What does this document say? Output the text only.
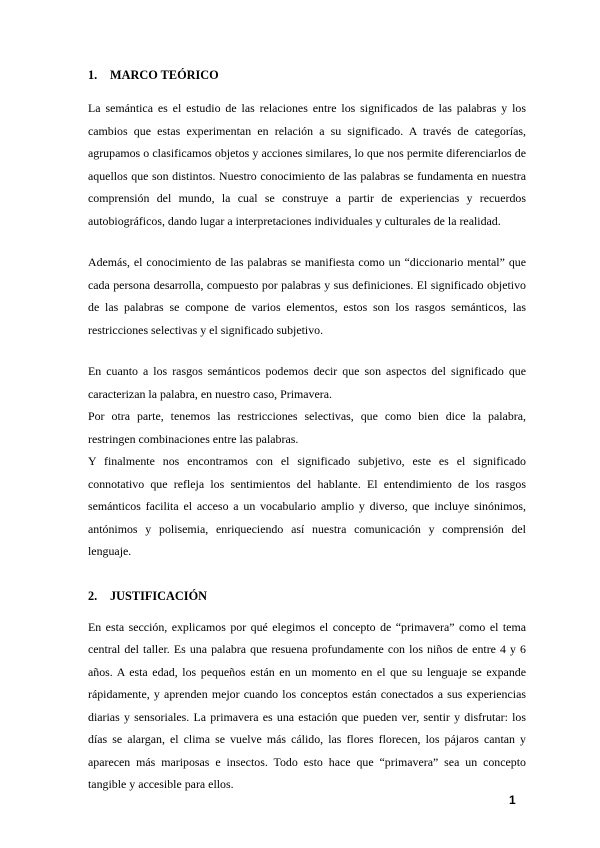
1. MARCO TEÓRICO

La semántica es el estudio de las relaciones entre los significados de las palabras y los cambios que estas experimentan en relación a su significado. A través de categorías, agrupamos o clasificamos objetos y acciones similares, lo que nos permite diferenciarlos de aquellos que son distintos. Nuestro conocimiento de las palabras se fundamenta en nuestra comprensión del mundo, la cual se construye a partir de experiencias y recuerdos autobiográficos, dando lugar a interpretaciones individuales y culturales de la realidad.

Además, el conocimiento de las palabras se manifiesta como un “diccionario mental” que cada persona desarrolla, compuesto por palabras y sus definiciones. El significado objetivo de las palabras se compone de varios elementos, estos son los rasgos semánticos, las restricciones selectivas y el significado subjetivo.

En cuanto a los rasgos semánticos podemos decir que son aspectos del significado que caracterizan la palabra, en nuestro caso, Primavera.

Por otra parte, tenemos las restricciones selectivas, que como bien dice la palabra, restringen combinaciones entre las palabras.

Y finalmente nos encontramos con el significado subjetivo, este es el significado connotativo que refleja los sentimientos del hablante. El entendimiento de los rasgos semánticos facilita el acceso a un vocabulario amplio y diverso, que incluye sinónimos, antónimos y polisemia, enriqueciendo así nuestra comunicación y comprensión del lenguaje.

2. JUSTIFICACIÓN

En esta sección, explicamos por qué elegimos el concepto de “primavera” como el tema central del taller. Es una palabra que resuena profundamente con los niños de entre 4 y 6 años. A esta edad, los pequeños están en un momento en el que su lenguaje se expande rápidamente, y aprenden mejor cuando los conceptos están conectados a sus experiencias diarias y sensoriales. La primavera es una estación que pueden ver, sentir y disfrutar: los días se alargan, el clima se vuelve más cálido, las flores florecen, los pájaros cantan y aparecen más mariposas e insectos. Todo esto hace que “primavera” sea un concepto tangible y accesible para ellos.

1
